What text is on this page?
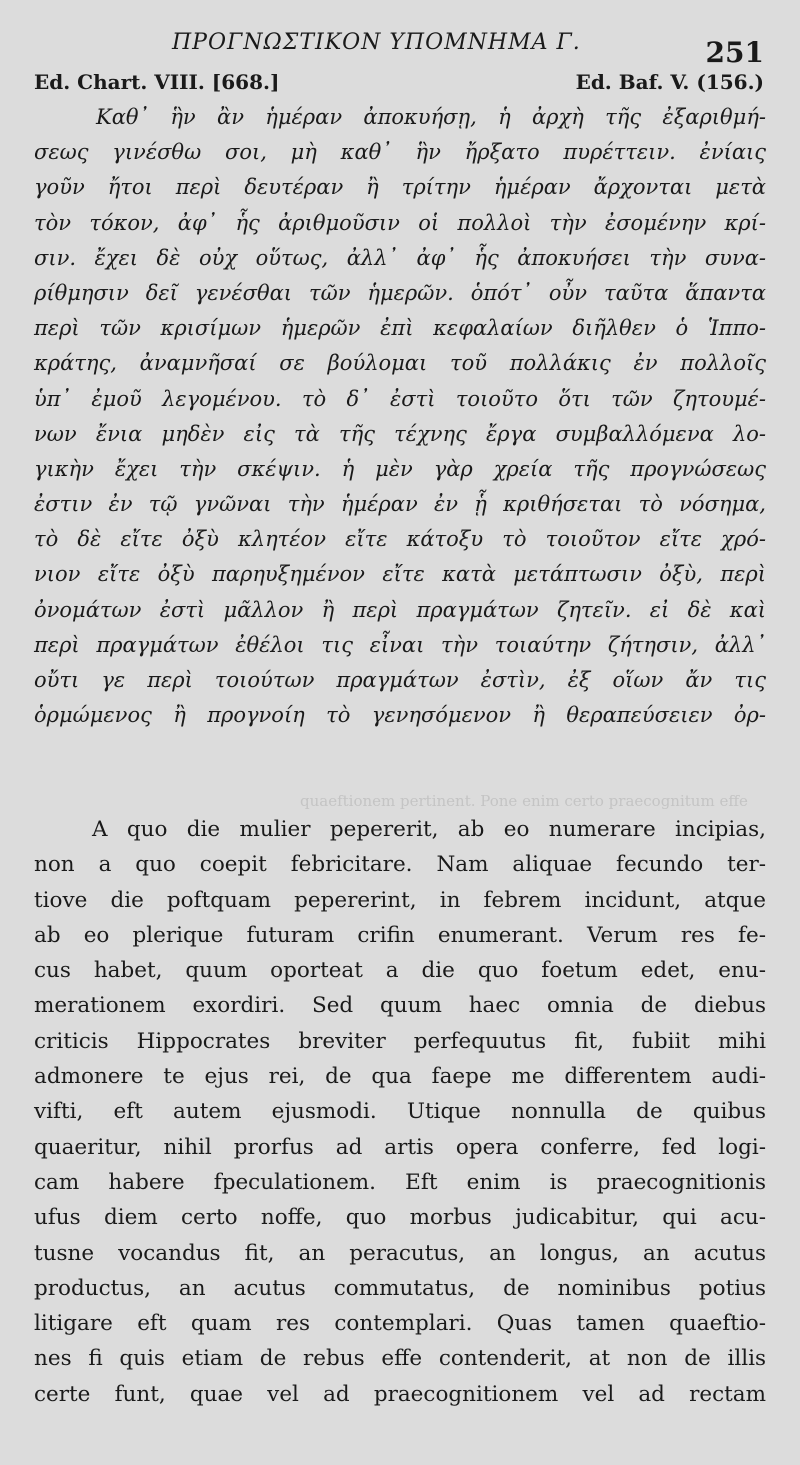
ΠΡΟΓΝΩΣΤΙΚΟΝ ΥΠΟΜΝΗΜΑ Γ.	251
Ed. Chart. VIII. [668.]	Ed. Baf. V. (156.)
Καθ᾽ ἣν ἂν ἡμέραν ἀποκυήσῃ, ἡ ἀρχὴ τῆς ἐξαριθμή-
σεως γινέσθω σοι, μὴ καθ᾽ ἣν ἤρξατο πυρέττειν. ἐνίαις
γοῦν ἤτοι περὶ δευτέραν ἢ τρίτην ἡμέραν ἄρχονται μετὰ
τὸν τόκον, ἀφ᾽ ἧς ἀριθμοῦσιν οἱ πολλοὶ τὴν ἐσομένην κρί-
σιν. ἔχει δὲ οὐχ οὕτως, ἀλλ᾽ ἀφ᾽ ἧς ἀποκυήσει τὴν συνα-
ρίθμησιν δεῖ γενέσθαι τῶν ἡμερῶν. ὁπότ᾽ οὖν ταῦτα ἅπαντα
περὶ τῶν κρισίμων ἡμερῶν ἐπὶ κεφαλαίων διῆλθεν ὁ Ἱππο-
κράτης, ἀναμνῆσαί σε βούλομαι τοῦ πολλάκις ἐν πολλοῖς
ὑπ᾽ ἐμοῦ λεγομένου. τὸ δ᾽ ἐστὶ τοιοῦτο ὅτι τῶν ζητουμέ-
νων ἔνια μηδὲν εἰς τὰ τῆς τέχνης ἔργα συμβαλλόμενα λο-
γικὴν ἔχει τὴν σκέψιν. ἡ μὲν γὰρ χρεία τῆς προγνώσεως
ἐστιν ἐν τῷ γνῶναι τὴν ἡμέραν ἐν ᾗ κριθήσεται τὸ νόσημα,
τὸ δὲ εἴτε ὀξὺ κλητέον εἴτε κάτοξυ τὸ τοιοῦτον εἴτε χρό-
νιον εἴτε ὀξὺ παρηυξημένον εἴτε κατὰ μετάπτωσιν ὀξὺ, περὶ
ὀνομάτων ἐστὶ μᾶλλον ἢ περὶ πραγμάτων ζητεῖν. εἰ δὲ καὶ
περὶ πραγμάτων ἐθέλοι τις εἶναι τὴν τοιαύτην ζήτησιν, ἀλλ᾽
οὔτι γε περὶ τοιούτων πραγμάτων ἐστὶν, ἐξ οἵων ἄν τις
ὁρμώμενος ἢ προγνοίη τὸ γενησόμενον ἢ θεραπεύσειεν ὀρ-
quaeftionem pertinent. Pone enim certo praecognitum effe
A quo die mulier pepererit, ab eo numerare incipias,
non a quo coepit febricitare. Nam aliquae fecundo ter-
tiove die poftquam pepererint, in febrem incidunt, atque
ab eo plerique futuram crifin enumerant. Verum res fe-
cus habet, quum oporteat a die quo foetum edet, enu-
merationem exordiri. Sed quum haec omnia de diebus
criticis Hippocrates breviter perfequutus fit, fubiit mihi
admonere te ejus rei, de qua faepe me differentem audi-
vifti, eft autem ejusmodi. Utique nonnulla de quibus
quaeritur, nihil prorfus ad artis opera conferre, fed logi-
cam habere fpeculationem. Eft enim is praecognitionis
ufus diem certo noffe, quo morbus judicabitur, qui acu-
tusne vocandus fit, an peracutus, an longus, an acutus
productus, an acutus commutatus, de nominibus potius
litigare eft quam res contemplari. Quas tamen quaeftio-
nes fi quis etiam de rebus effe contenderit, at non de illis
certe funt, quae vel ad praecognitionem vel ad rectam
